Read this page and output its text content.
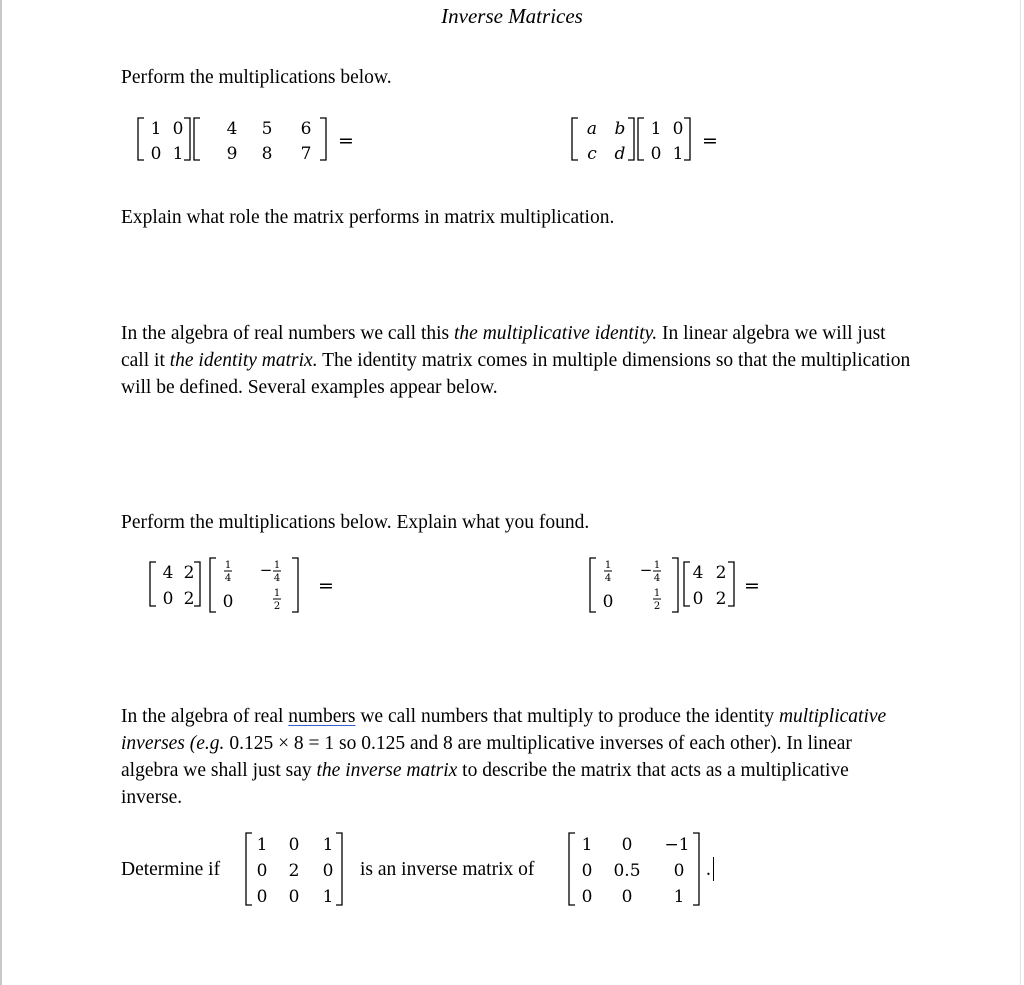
Inverse Matrices
Perform the multiplications below.
1 0
0 1
4 5 6
9 8 7
=
a b
c d
1 0
0 1
=
Explain what role the matrix performs in matrix multiplication.
In the algebra of real numbers we call this the multiplicative identity. In linear algebra we will just call it the identity matrix. The identity matrix comes in multiple dimensions so that the multiplication will be defined. Several examples appear below.
Perform the multiplications below. Explain what you found.
4 2
0 2
1
4 − 1
4
0	1
2
=
1
4 − 1
4
0	1
2
4 2
0 2
=
In the algebra of real numbers we call numbers that multiply to produce the identity multiplicative inverses (e.g. 0.125 × 8 = 1 so 0.125 and 8 are multiplicative inverses of each other). In linear algebra we shall just say the inverse matrix to describe the matrix that acts as a multiplicative inverse.
Determine if
1 0 1
0 2 0
0 0 1
is an inverse matrix of
1 0 −1
0 0.5 0
0 0 1
.
